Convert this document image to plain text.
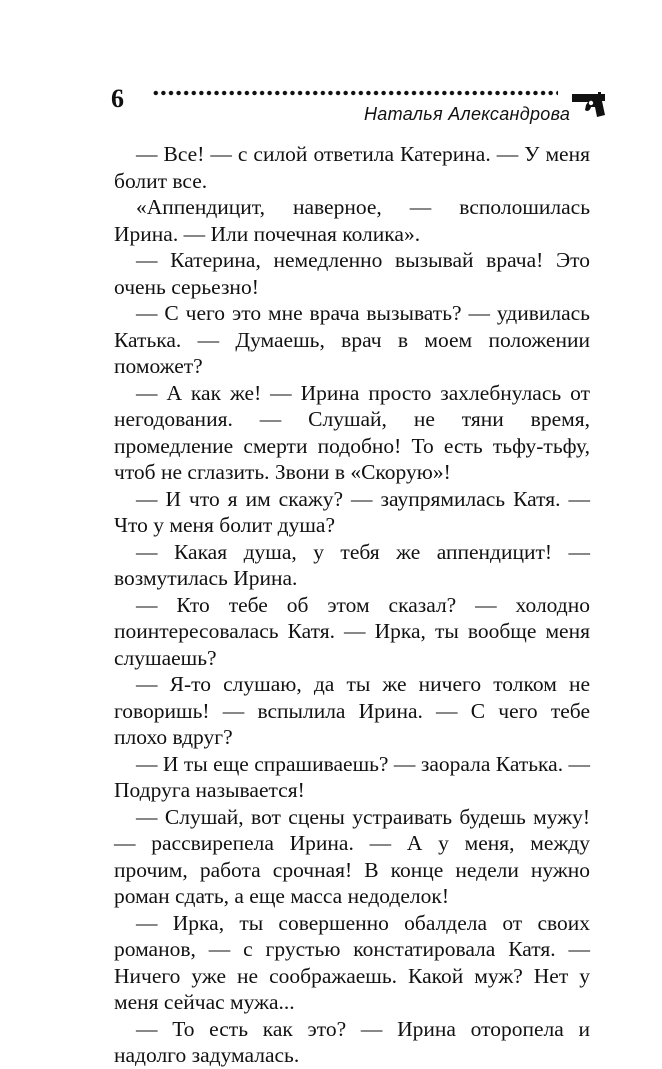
6
Наталья Александрова

— Все! — с силой ответила Катерина. — У меня болит все.

«Аппендицит, наверное, — всполошилась Ирина. — Или почечная колика».

— Катерина, немедленно вызывай врача! Это очень серьезно!

— С чего это мне врача вызывать? — удивилась Катька. — Думаешь, врач в моем положении поможет?

— А как же! — Ирина просто захлебнулась от негодования. — Слушай, не тяни время, промедление смерти подобно! То есть тьфу-тьфу, чтоб не сглазить. Звони в «Скорую»!

— И что я им скажу? — заупрямилась Катя. — Что у меня болит душа?

— Какая душа, у тебя же аппендицит! — возмутилась Ирина.

— Кто тебе об этом сказал? — холодно поинтересовалась Катя. — Ирка, ты вообще меня слушаешь?

— Я-то слушаю, да ты же ничего толком не говоришь! — вспылила Ирина. — С чего тебе плохо вдруг?

— И ты еще спрашиваешь? — заорала Катька. — Подруга называется!

— Слушай, вот сцены устраивать будешь мужу! — рассвирепела Ирина. — А у меня, между прочим, работа срочная! В конце недели нужно роман сдать, а еще масса недоделок!

— Ирка, ты совершенно обалдела от своих романов, — с грустью констатировала Катя. — Ничего уже не соображаешь. Какой муж? Нет у меня сейчас мужа...

— То есть как это? — Ирина оторопела и надолго задумалась.
